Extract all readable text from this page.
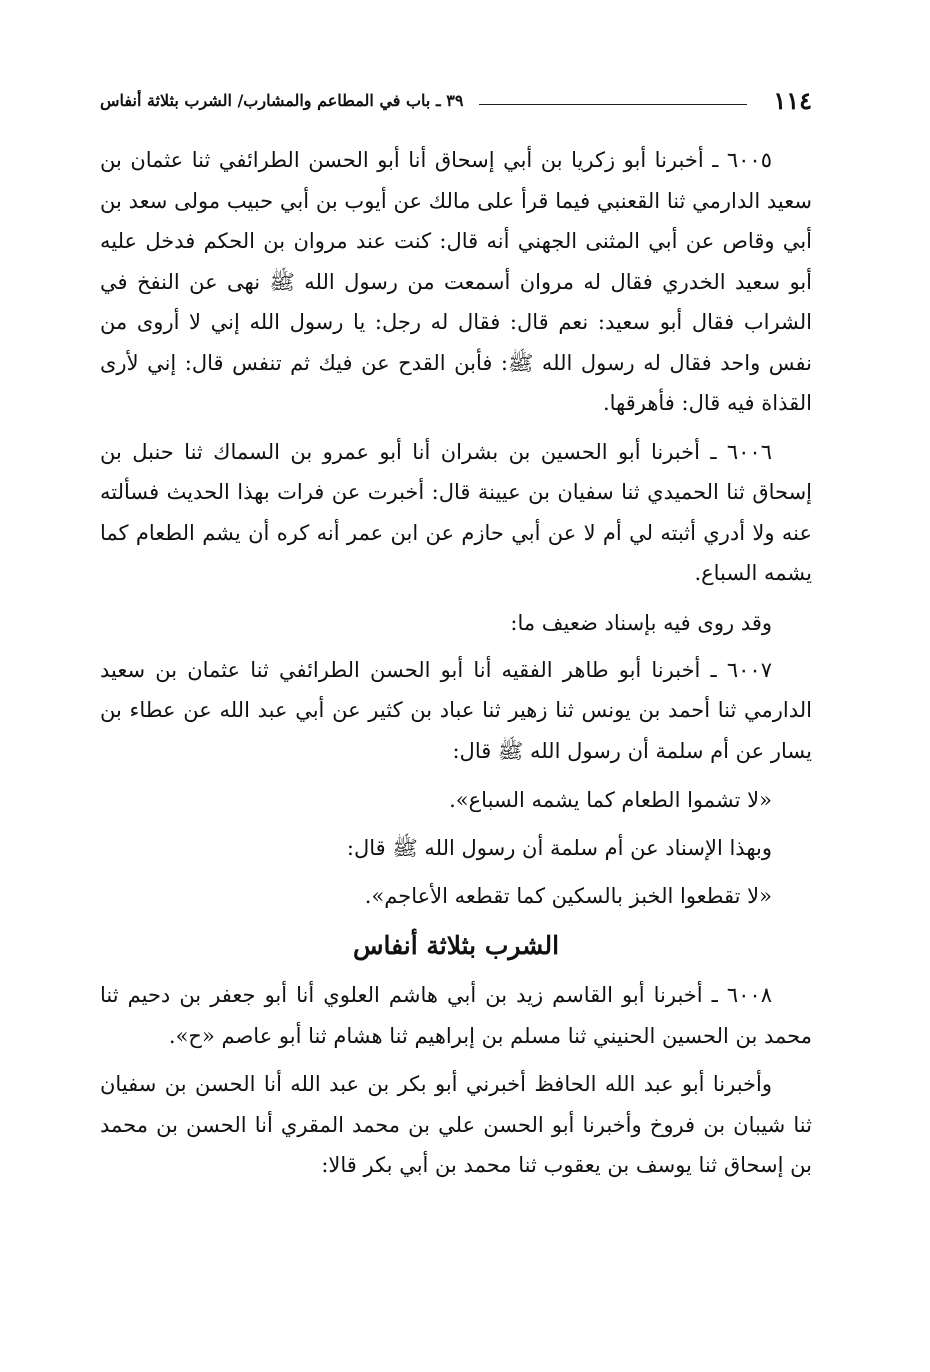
١١٤
٣٩ ـ باب في المطاعم والمشارب/ الشرب بثلاثة أنفاس

٦٠٠٥ ـ أخبرنا أبو زكريا بن أبي إسحاق أنا أبو الحسن الطرائفي ثنا عثمان بن سعيد الدارمي ثنا القعنبي فيما قرأ على مالك عن أيوب بن أبي حبيب مولى سعد بن أبي وقاص عن أبي المثنى الجهني أنه قال: كنت عند مروان بن الحكم فدخل عليه أبو سعيد الخدري فقال له مروان أسمعت من رسول الله ﷺ نهى عن النفخ في الشراب فقال أبو سعيد: نعم قال: فقال له رجل: يا رسول الله إني لا أروى من نفس واحد فقال له رسول الله ﷺ: فأبن القدح عن فيك ثم تنفس قال: إني لأرى القذاة فيه قال: فأهرقها.

٦٠٠٦ ـ أخبرنا أبو الحسين بن بشران أنا أبو عمرو بن السماك ثنا حنبل بن إسحاق ثنا الحميدي ثنا سفيان بن عيينة قال: أخبرت عن فرات بهذا الحديث فسألته عنه ولا أدري أثبته لي أم لا عن أبي حازم عن ابن عمر أنه كره أن يشم الطعام كما يشمه السباع.

وقد روى فيه بإسناد ضعيف ما:

٦٠٠٧ ـ أخبرنا أبو طاهر الفقيه أنا أبو الحسن الطرائفي ثنا عثمان بن سعيد الدارمي ثنا أحمد بن يونس ثنا زهير ثنا عباد بن كثير عن أبي عبد الله عن عطاء بن يسار عن أم سلمة أن رسول الله ﷺ قال:

«لا تشموا الطعام كما يشمه السباع».

وبهذا الإسناد عن أم سلمة أن رسول الله ﷺ قال:

«لا تقطعوا الخبز بالسكين كما تقطعه الأعاجم».

الشرب بثلاثة أنفاس

٦٠٠٨ ـ أخبرنا أبو القاسم زيد بن أبي هاشم العلوي أنا أبو جعفر بن دحيم ثنا محمد بن الحسين الحنيني ثنا مسلم بن إبراهيم ثنا هشام ثنا أبو عاصم «ح».

وأخبرنا أبو عبد الله الحافظ أخبرني أبو بكر بن عبد الله أنا الحسن بن سفيان ثنا شيبان بن فروخ وأخبرنا أبو الحسن علي بن محمد المقري أنا الحسن بن محمد بن إسحاق ثنا يوسف بن يعقوب ثنا محمد بن أبي بكر قالا:
